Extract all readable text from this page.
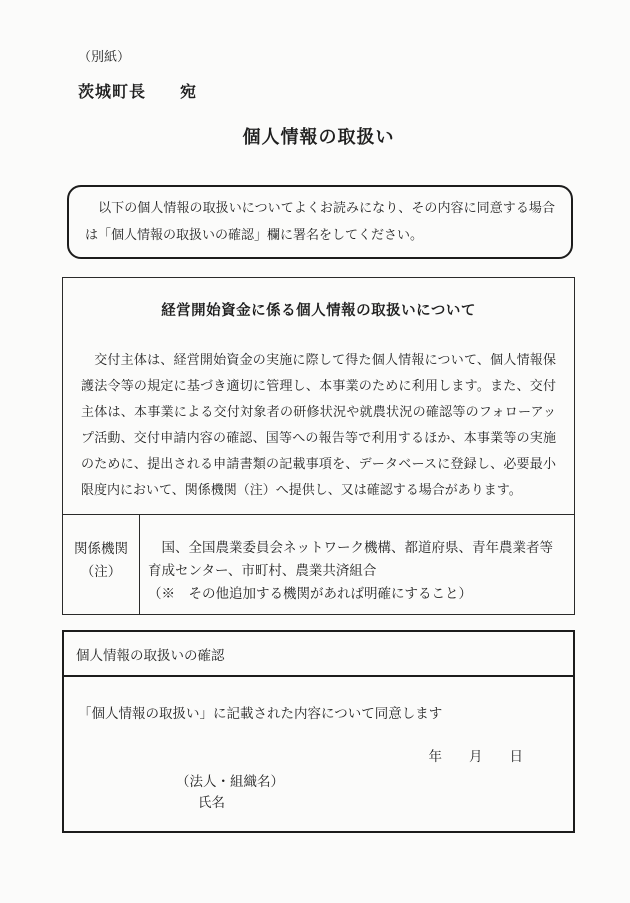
（別紙）
茨城町長　　宛
個人情報の取扱い
　以下の個人情報の取扱いについてよくお読みになり、その内容に同意する場合
は「個人情報の取扱いの確認」欄に署名をしてください。
経営開始資金に係る個人情報の取扱いについて
　交付主体は、経営開始資金の実施に際して得た個人情報について、個人情報保
護法令等の規定に基づき適切に管理し、本事業のために利用します。また、交付
主体は、本事業による交付対象者の研修状況や就農状況の確認等のフォローアッ
プ活動、交付申請内容の確認、国等への報告等で利用するほか、本事業等の実施
のために、提出される申請書類の記載事項を、データベースに登録し、必要最小
限度内において、関係機関（注）へ提供し、又は確認する場合があります。
関係機関
（注）
　国、全国農業委員会ネットワーク機構、都道府県、青年農業者等
育成センター、市町村、農業共済組合
（※　その他追加する機関があれば明確にすること）
個人情報の取扱いの確認
「個人情報の取扱い」に記載された内容について同意します
年　　月　　日
（法人・組織名）
氏名
